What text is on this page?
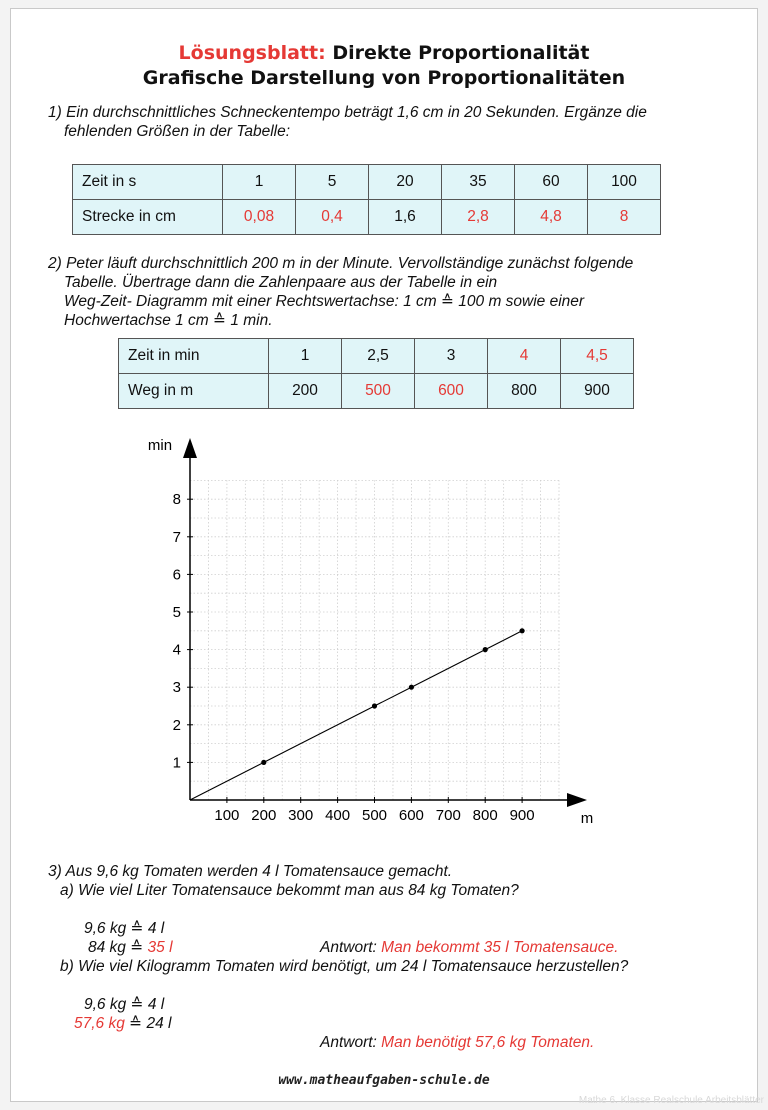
Lösungsblatt: Direkte Proportionalität
Grafische Darstellung von Proportionalitäten
1) Ein durchschnittliches Schneckentempo beträgt 1,6 cm in 20 Sekunden. Ergänze die
fehlenden Größen in der Tabelle:
Zeit in s	1	5	20	35	60	100
Strecke in cm	0,08	0,4	1,6	2,8	4,8	8
2) Peter läuft durchschnittlich 200 m in der Minute. Vervollständige zunächst folgende
Tabelle. Übertrage dann die Zahlenpaare aus der Tabelle in ein
Weg-Zeit- Diagramm mit einer Rechtswertachse: 1 cm ≙ 100 m sowie einer
Hochwertachse 1 cm ≙ 1 min.
Zeit in min	1	2,5	3	4	4,5
Weg in m	200	500	600	800	900
100 200 300 400 500 600 700 800 900
1
2
3
4
5
6
7
8
min
m
3) Aus 9,6 kg Tomaten werden 4 l Tomatensauce gemacht.
a) Wie viel Liter Tomatensauce bekommt man aus 84 kg Tomaten?
9,6 kg ≙ 4 l
84 kg ≙ 35 l	Antwort: Man bekommt 35 l Tomatensauce.
b) Wie viel Kilogramm Tomaten wird benötigt, um 24 l Tomatensauce herzustellen?
9,6 kg ≙ 4 l
57,6 kg ≙ 24 l
Antwort: Man benötigt 57,6 kg Tomaten.
www.matheaufgaben-schule.de
Mathe 6. Klasse Realschule Arbeitsblätter
